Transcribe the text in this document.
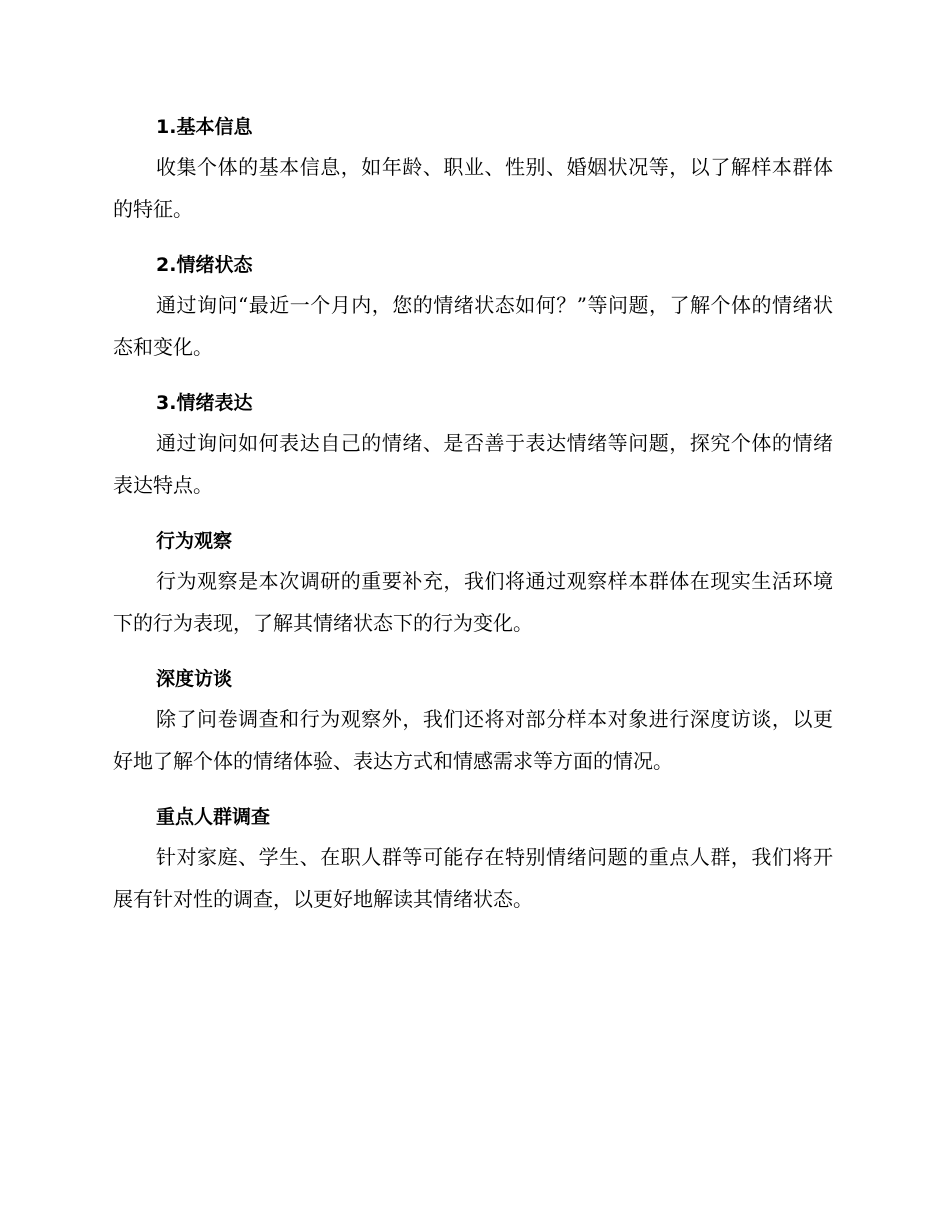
1.基本信息

收集个体的基本信息，如年龄、职业、性别、婚姻状况等，以了解样本群体的特征。

2.情绪状态

通过询问“最近一个月内，您的情绪状态如何？”等问题，了解个体的情绪状态和变化。

3.情绪表达

通过询问如何表达自己的情绪、是否善于表达情绪等问题，探究个体的情绪表达特点。

行为观察

行为观察是本次调研的重要补充，我们将通过观察样本群体在现实生活环境下的行为表现，了解其情绪状态下的行为变化。

深度访谈

除了问卷调查和行为观察外，我们还将对部分样本对象进行深度访谈，以更好地了解个体的情绪体验、表达方式和情感需求等方面的情况。

重点人群调查

针对家庭、学生、在职人群等可能存在特别情绪问题的重点人群，我们将开展有针对性的调查，以更好地解读其情绪状态。
